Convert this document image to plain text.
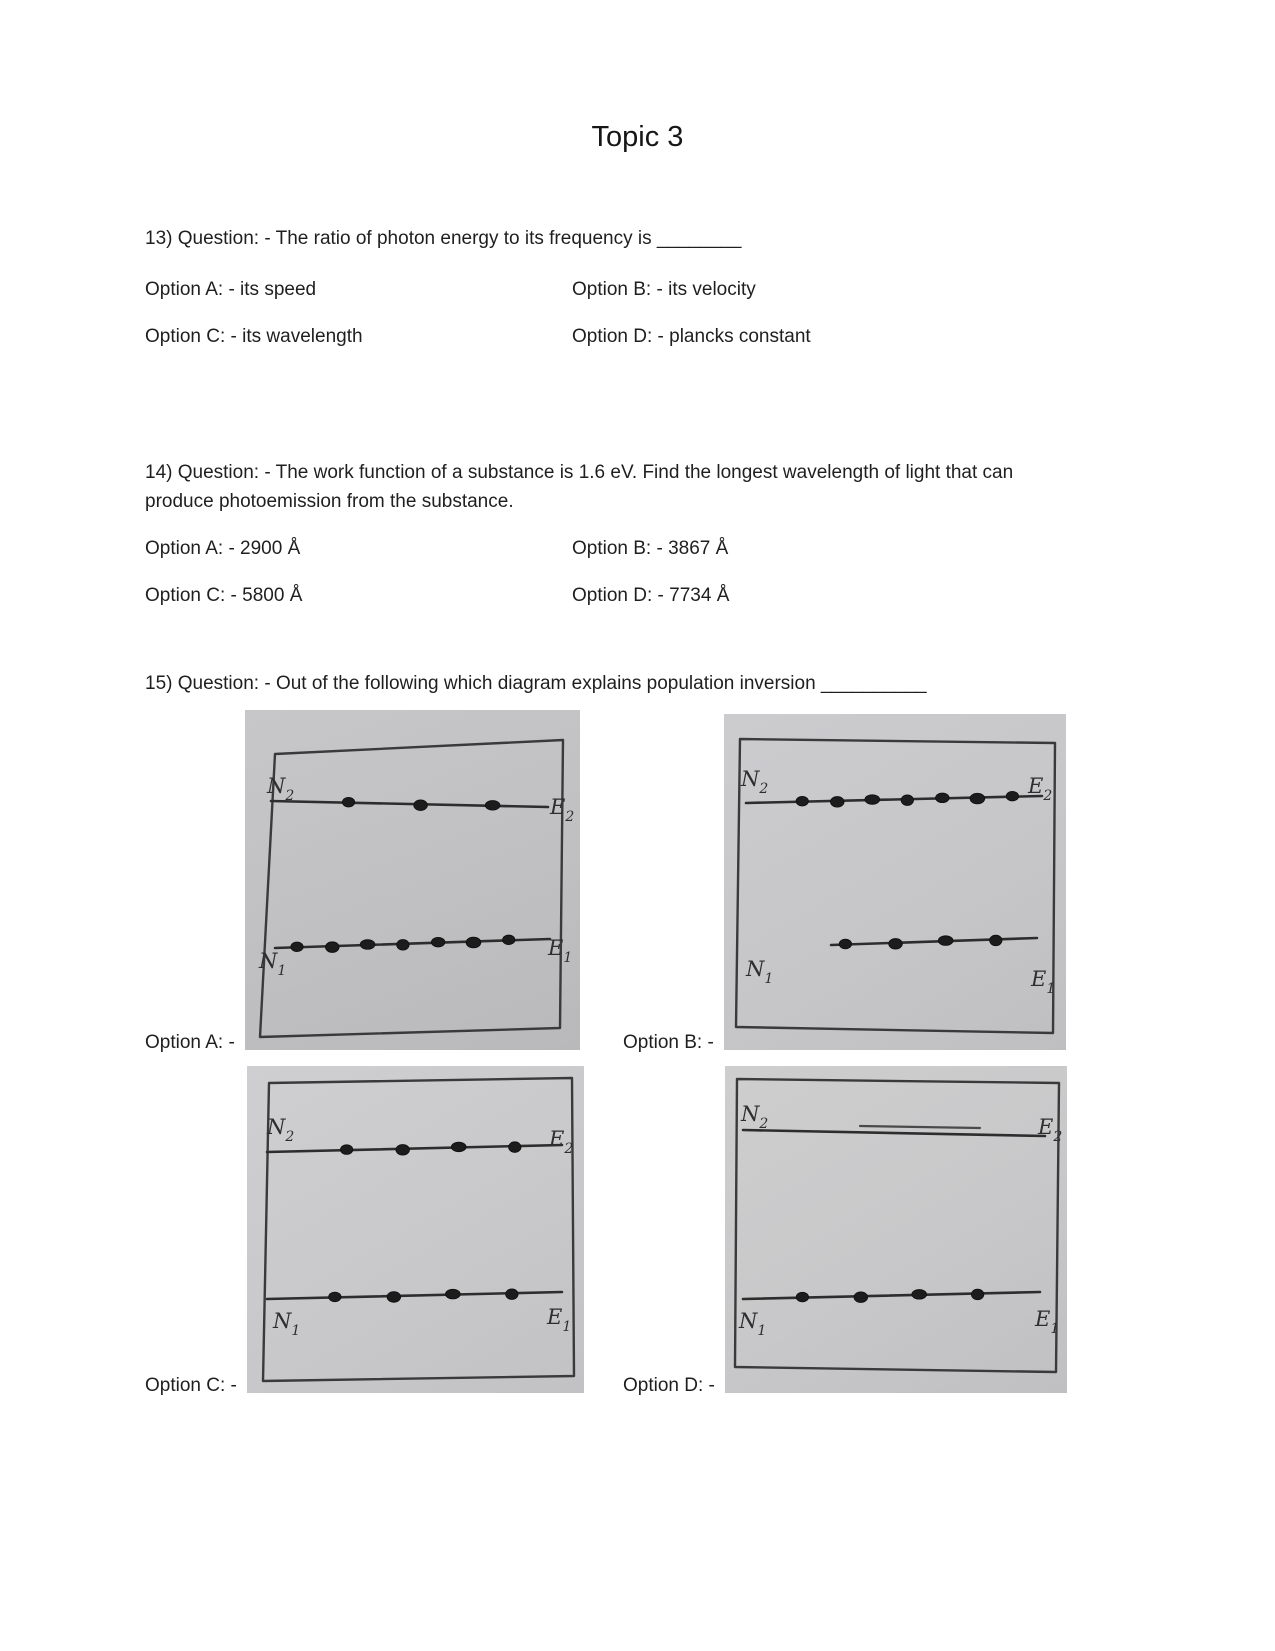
Topic 3
13) Question: - The ratio of photon energy to its frequency is ________
Option A: - its speed	Option B: - its velocity
Option C: - its wavelength	Option D: - plancks constant
14) Question: - The work function of a substance is 1.6 eV. Find the longest wavelength of light that can produce photoemission from the substance.
Option A: - 2900 Å	Option B: - 3867 Å
Option C: - 5800 Å	Option D: - 7734 Å
15) Question: - Out of the following which diagram explains population inversion __________
Option A: -
$N_2$	$E_2$
$N_1$
$E_1$
Option B: -
$N_2$	$E_2$
$N_1$	$E_1$
Option C: -
$N_2$	$E_2$
$N_1$
$E_1$
Option D: -
$N_2$	$E_2$
$N_1$	$E_1$
